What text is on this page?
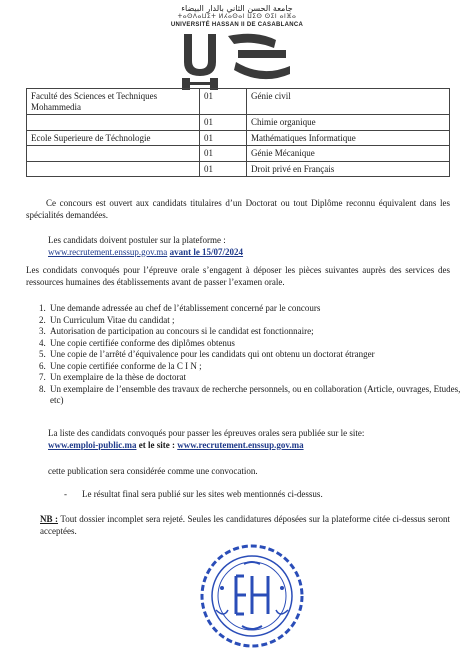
جامعة الحسن الثاني بالدار البيضاء
ⵜⴰⵙⴷⴰⵡⵉⵜ ⵍⵃⴰⵙⴰⵏ ⵡⵉⵙ ⵙⵉⵏ ⴰⵏⴼⴰ
UNIVERSITÉ HASSAN II DE CASABLANCA
Faculté des Sciences et Techniques Mohammedia	01	Génie civil
	01	Chimie organique
Ecole Superieure de Téchnologie	01	Mathématiques Informatique
	01	Génie Mécanique
	01	Droit privé en Français
Ce concours est ouvert aux candidats titulaires d’un Doctorat ou tout Diplôme reconnu équivalent dans les spécialités demandées.
Les candidats doivent postuler sur la plateforme :
www.recrutement.enssup.gov.ma avant le 15/07/2024
Les condidats convoqués pour l’épreuve orale s’engagent à déposer les pièces suivantes auprès des services des ressources humaines des établissements avant de passer l’examen orale.
1. Une demande adressée au chef de l’établissement concerné par le concours
2. Un Curriculum Vitae du candidat ;
3. Autorisation de participation au concours si le candidat est fonctionnaire;
4. Une copie certifiée conforme des diplômes obtenus
5. Une copie de l’arrêté d’équivalence pour les candidats qui ont obtenu un doctorat étranger
6. Une copie certifiée conforme de la C I N ;
7. Un exemplaire de la thèse de doctorat
8. Un exemplaire de l’ensemble des travaux de recherche personnels, ou en collaboration (Article, ouvrages, Etudes, etc)
La liste des candidats convoqués pour passer les épreuves orales sera publiée sur le site:
www.emploi-public.ma et le site : www.recrutement.enssup.gov.ma
cette publication sera considérée comme une convocation.
- Le résultat final sera publié sur les sites web mentionnés ci-dessus.
NB : Tout dossier incomplet sera rejeté. Seules les candidatures déposées sur la plateforme citée ci-dessus seront acceptées.
